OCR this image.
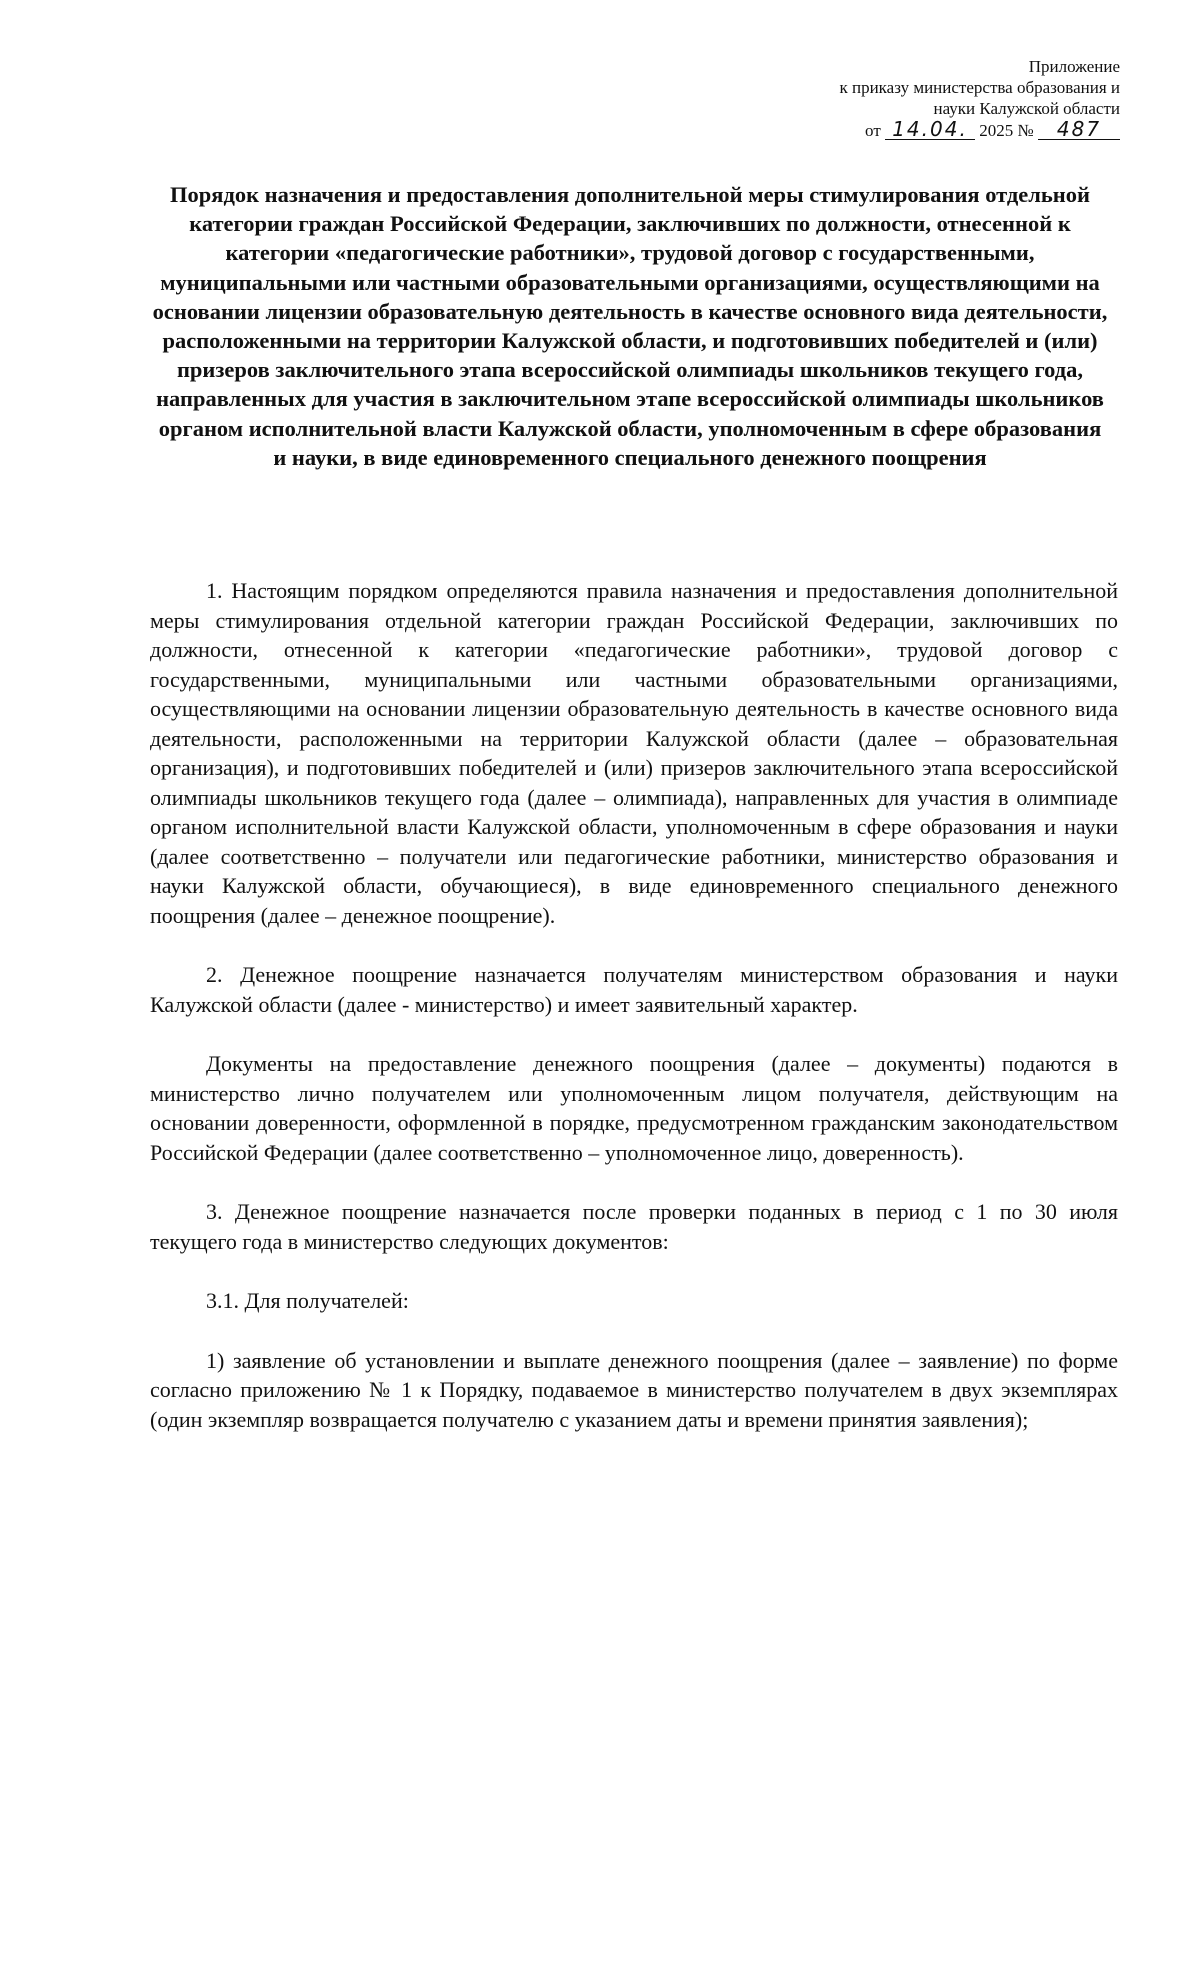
Приложение
к приказу министерства образования и
науки Калужской области
от 14.04. 2025 № 487
Порядок назначения и предоставления дополнительной меры стимулирования отдельной категории граждан Российской Федерации, заключивших по должности, отнесенной к категории «педагогические работники», трудовой договор с государственными, муниципальными или частными образовательными организациями, осуществляющими на основании лицензии образовательную деятельность в качестве основного вида деятельности, расположенными на территории Калужской области, и подготовивших победителей и (или) призеров заключительного этапа всероссийской олимпиады школьников текущего года, направленных для участия в заключительном этапе всероссийской олимпиады школьников органом исполнительной власти Калужской области, уполномоченным в сфере образования и науки, в виде единовременного специального денежного поощрения

1. Настоящим порядком определяются правила назначения и предоставления дополнительной меры стимулирования отдельной категории граждан Российской Федерации, заключивших по должности, отнесенной к категории «педагогические работники», трудовой договор с государственными, муниципальными или частными образовательными организациями, осуществляющими на основании лицензии образовательную деятельность в качестве основного вида деятельности, расположенными на территории Калужской области (далее – образовательная организация), и подготовивших победителей и (или) призеров заключительного этапа всероссийской олимпиады школьников текущего года (далее – олимпиада), направленных для участия в олимпиаде органом исполнительной власти Калужской области, уполномоченным в сфере образования и науки (далее соответственно – получатели или педагогические работники, министерство образования и науки Калужской области, обучающиеся), в виде единовременного специального денежного поощрения (далее – денежное поощрение).

2. Денежное поощрение назначается получателям министерством образования и науки Калужской области (далее - министерство) и имеет заявительный характер.

Документы на предоставление денежного поощрения (далее – документы) подаются в министерство лично получателем или уполномоченным лицом получателя, действующим на основании доверенности, оформленной в порядке, предусмотренном гражданским законодательством Российской Федерации (далее соответственно – уполномоченное лицо, доверенность).

3. Денежное поощрение назначается после проверки поданных в период с 1 по 30 июля текущего года в министерство следующих документов:

3.1. Для получателей:

1) заявление об установлении и выплате денежного поощрения (далее – заявление) по форме согласно приложению № 1 к Порядку, подаваемое в министерство получателем в двух экземплярах (один экземпляр возвращается получателю с указанием даты и времени принятия заявления);
